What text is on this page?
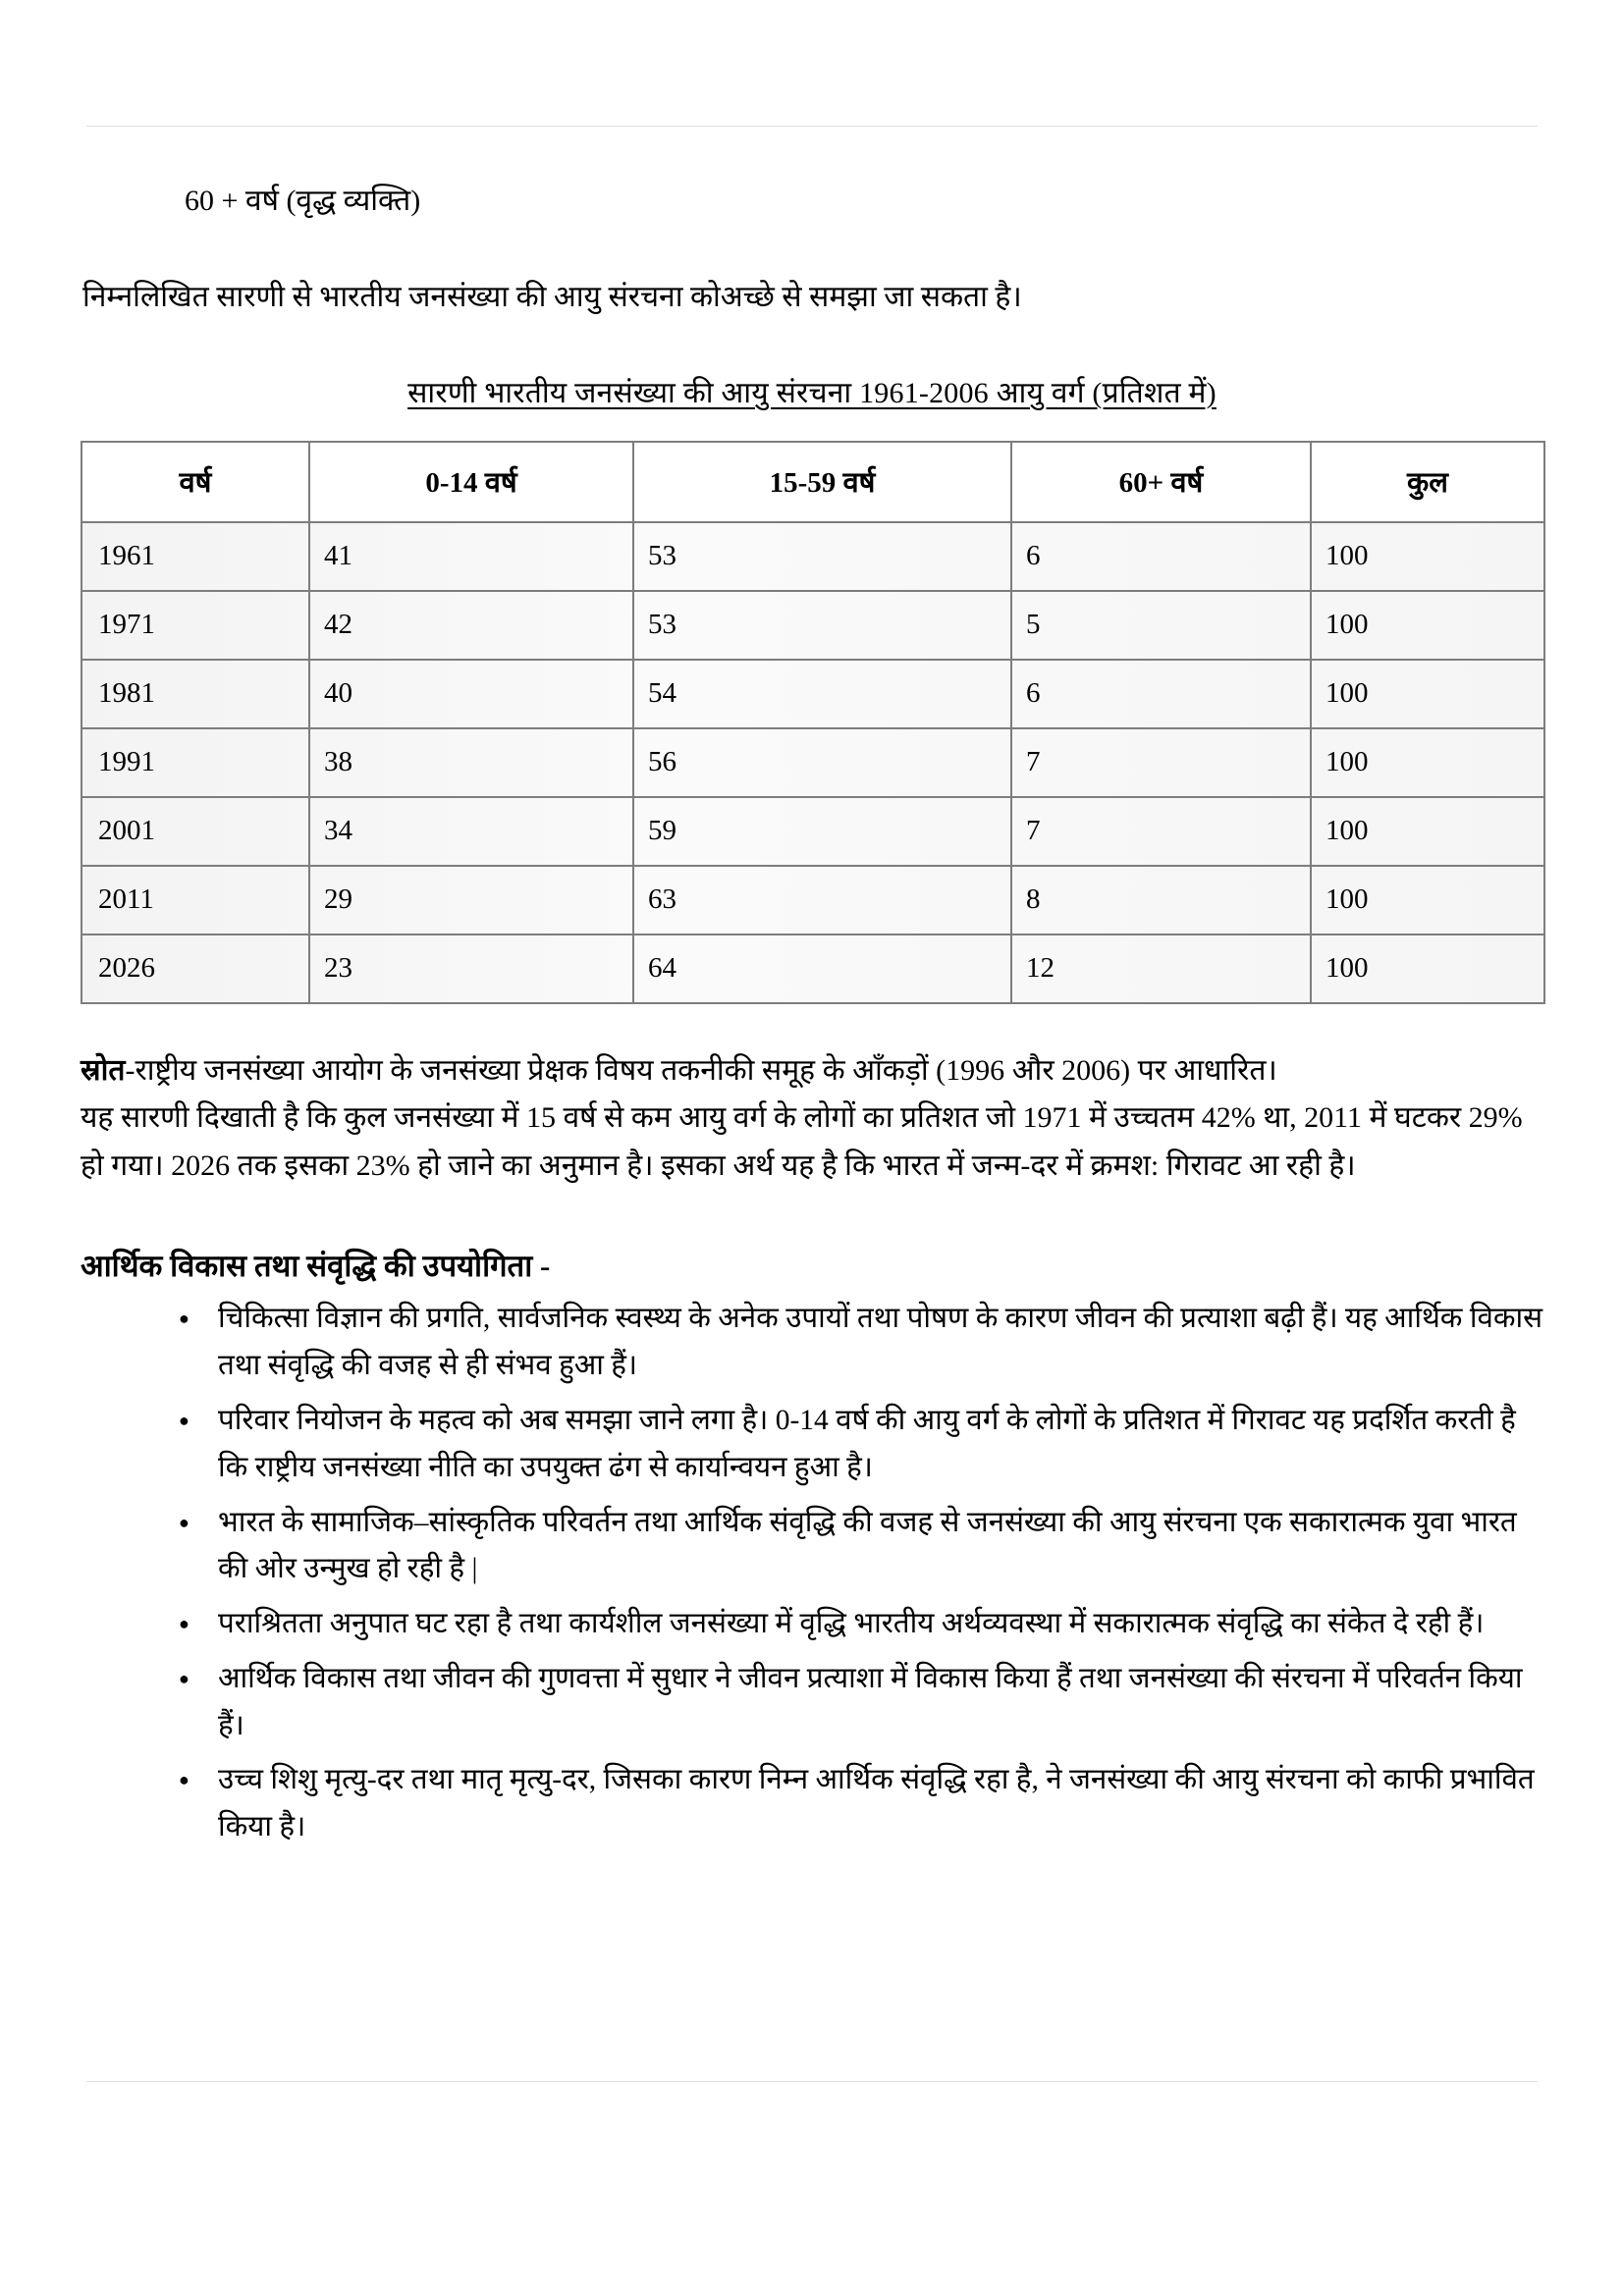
60 + वर्ष (वृद्ध व्यक्ति)

निम्नलिखित सारणी से भारतीय जनसंख्या की आयु संरचना कोअच्छे से समझा जा सकता है।

सारणी भारतीय जनसंख्या की आयु संरचना 1961-2006 आयु वर्ग (प्रतिशत में)
वर्ष	0-14 वर्ष	15-59 वर्ष	60+ वर्ष	कुल
1961	41	53	6	100
1971	42	53	5	100
1981	40	54	6	100
1991	38	56	7	100
2001	34	59	7	100
2011	29	63	8	100
2026	23	64	12	100

स्रोत-राष्ट्रीय जनसंख्या आयोग के जनसंख्या प्रेक्षक विषय तकनीकी समूह के आँकड़ों (1996 और 2006) पर आधारित।

यह सारणी दिखाती है कि कुल जनसंख्या में 15 वर्ष से कम आयु वर्ग के लोगों का प्रतिशत जो 1971 में उच्चतम 42% था, 2011 में घटकर 29% हो गया। 2026 तक इसका 23% हो जाने का अनुमान है। इसका अर्थ यह है कि भारत में जन्म-दर में क्रमश: गिरावट आ रही है।

आर्थिक विकास तथा संवृद्धि की उपयोगिता -
● चिकित्सा विज्ञान की प्रगति, सार्वजनिक स्वस्थ्य के अनेक उपायों तथा पोषण के कारण जीवन की प्रत्याशा बढ़ी हैं। यह आर्थिक विकास तथा संवृद्धि की वजह से ही संभव हुआ हैं।
● परिवार नियोजन के महत्व को अब समझा जाने लगा है। 0-14 वर्ष की आयु वर्ग के लोगों के प्रतिशत में गिरावट यह प्रदर्शित करती है कि राष्ट्रीय जनसंख्या नीति का उपयुक्त ढंग से कार्यान्वयन हुआ है।
● भारत के सामाजिक–सांस्कृतिक परिवर्तन तथा आर्थिक संवृद्धि की वजह से जनसंख्या की आयु संरचना एक सकारात्मक युवा भारत की ओर उन्मुख हो रही है |
● पराश्रितता अनुपात घट रहा है तथा कार्यशील जनसंख्या में वृद्धि भारतीय अर्थव्यवस्था में सकारात्मक संवृद्धि का संकेत दे रही हैं।
● आर्थिक विकास तथा जीवन की गुणवत्ता में सुधार ने जीवन प्रत्याशा में विकास किया हैं तथा जनसंख्या की संरचना में परिवर्तन किया हैं।
● उच्च शिशु मृत्यु-दर तथा मातृ मृत्यु-दर, जिसका कारण निम्न आर्थिक संवृद्धि रहा है, ने जनसंख्या की आयु संरचना को काफी प्रभावित किया है।
